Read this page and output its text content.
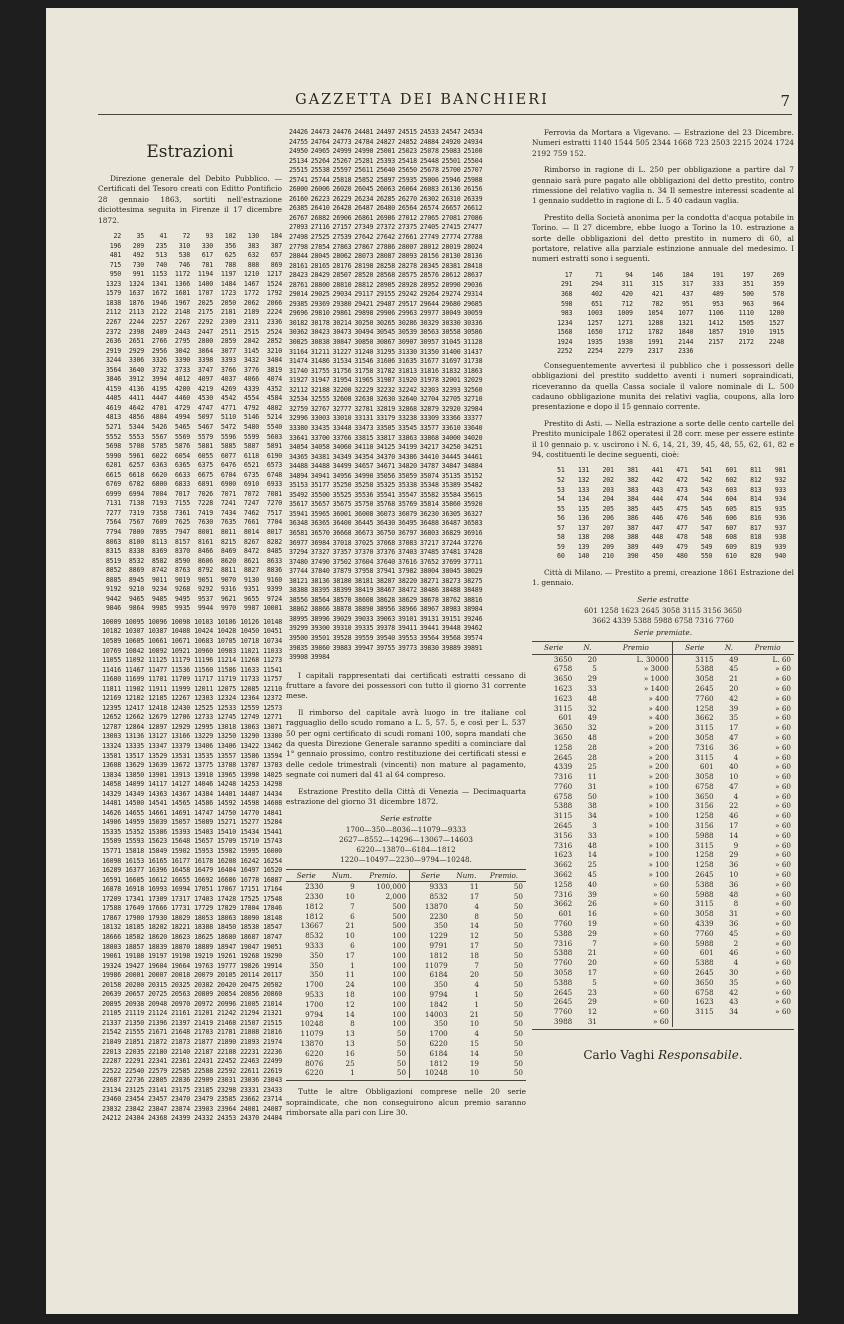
GAZZETTA DEI BANCHIERI	7
Estrazioni

Direzione generale del Debito Pubblico. — Certificati del Tesoro creati con Editto Pontificio 28 gennaio 1863, sortiti nell'estrazione diciottesima seguita in Firenze il 17 dicembre 1872.

22	35	41	72	93	102	130	184
196	209	235	310	330	356	383	387
481	492	513	538	617	625	632	657
715	730	740	746	781	788	808	869
950	991	1153	1172	1194	1197	1210	1217
1323	1324	1341	1366	1400	1484	1467	1524
1579	1637	1672	1681	1707	1723	1772	1792
1838	1876	1946	1967	2025	2050	2062	2066
2112	2113	2122	2148	2175	2181	2189	2224
2267	2244	2257	2267	2292	2309	2311	2336
2372	2398	2409	2443	2447	2511	2515	2524
2636	2651	2766	2795	2800	2859	2842	2852
2919	2929	2956	3042	3064	3077	3145	3210
3244	3306	3326	3390	3398	3393	3432	3484
3564	3640	3732	3733	3747	3766	3776	3819
3846	3912	3994	4012	4097	4037	4066	4074
4159	4136	4195	4200	4219	4269	4339	4352
4405	4411	4447	4460	4530	4542	4554	4584
4619	4642	4701	4729	4747	4771	4792	4802
4813	4856	4884	4994	5097	5110	5146	5214
5271	5344	5426	5465	5467	5472	5480	5540
5552	5553	5567	5569	5579	5596	5599	5603
5698	5708	5785	5876	5881	5885	5887	5891
5990	5961	6022	6054	6055	6077	6118	6190
6201	6257	6363	6365	6375	6476	6521	6573
6615	6618	6620	6633	6675	6704	6735	6748
6769	6782	6800	6833	6891	6900	6910	6933
6999	6994	7004	7017	7026	7071	7072	7081
7131	7138	7193	7155	7228	7241	7247	7270
7277	7319	7358	7361	7419	7434	7462	7517
7564	7567	7609	7625	7630	7635	7661	7704
7794	7800	7895	7947	8001	8011	8014	8017
8063	8100	8113	8157	8161	8215	8267	8282
8315	8338	8369	8370	8466	8469	8472	8485
8519	8532	8582	8590	8606	8620	8621	8633
8852	8869	8742	8763	8792	8811	8827	8836
8885	8945	9011	9019	9051	9070	9130	9160
9192	9210	9234	9268	9292	9316	9351	9399
9442	9465	9485	9495	9537	9621	9655	9724
9846	9864	9985	9935	9944	9970	9987 10001
10009 10095 10096 10098 10103 10106 10126 10148
10182 10307 10387 10408 10424 10428 10450 10451
10589 10605 10661 10671 10683 10705 10718 10734
10769 10842 10892 10921 10960 10983 11021 11033
11055 11092 11125 11179 11196 11214 11268 11273
11416 11467 11477 11536 11560 11586 11633 11541
11680 11699 11701 11709 11717 11719 11733 11757
11811 11902 11911 11999 12011 12075 12085 12110
12169 12182 12185 12267 12303 12324 12364 12372
12395 12417 12418 12430 12525 12533 12559 12573
12652 12662 12679 12706 12733 12745 12749 12771
12787 12864 12897 12929 12995 13018 13063 13071
13003 13136 13127 13166 13229 13250 13290 13300
13324 13335 13347 13379 13406 13406 13422 13462
13501 13517 13529 13531 13535 13557 13586 13594
13608 13629 13639 13672 13775 13788 13787 13783
13834 13850 13901 13913 13918 13965 13998 14025
14058 14099 14117 14127 14046 14248 14253 14298
14329 14349 14363 14367 14384 14401 14407 14434
14481 14500 14541 14565 14586 14592 14598 14608
14626 14655 14661 14691 14747 14750 14770 14841
14906 14959 15039 15057 15089 15271 15277 15284
15335 15352 15386 15393 15403 15410 15434 15441
15509 15593 15623 15648 15657 15709 15710 15743
15771 15818 15849 15902 15953 15982 15995 16000
16098 16153 16165 16177 16178 16208 16242 16254
16289 16377 16396 16458 16479 16484 16497 16520
16591 16605 16612 16655 16692 16686 16778 16887
16878 16918 16993 16994 17051 17067 17151 17164
17209 17341 17309 17317 17403 17428 17525 17548
17588 17649 17666 17731 17729 17829 17804 17846
17867 17900 17930 18029 18053 18063 18090 18148
18132 18185 18202 18221 18388 18450 18538 18547
18666 18582 18620 18623 18625 18680 18687 18747
18803 18857 18839 18870 18889 18947 19047 19051
19061 19188 19197 19198 19219 19261 19268 19290
19324 19427 19604 19664 19763 19777 19826 19914
19986 20001 20007 20018 20079 20105 20114 20117
20158 20200 20315 20325 20382 20420 20475 20502
20639 20657 20725 20563 20809 20854 20856 20860
20895 20938 20948 20970 20972 20996 21005 21014
21105 21119 21124 21161 21201 21242 21294 21321
21337 21350 21396 21397 21419 21468 21507 21515
21542 21555 21671 21648 21703 21781 21808 21816
21849 21851 21872 21873 21877 21890 21893 21974
22013 22035 22180 22140 22187 22188 22231 22236
22287 22291 22341 22361 22431 22452 22463 22499
22522 22540 22579 22585 22588 22592 22611 22619
22687 22736 22805 22836 22909 23031 23036 23043
23134 23125 23141 23175 23185 23298 23331 23433
23460 23454 23457 23470 23479 23585 23662 23714
23832 23842 23847 23874 23903 23964 24081 24087
24212 24304 24368 24399 24332 24353 24370 24404
24426 24473 24476 24481 24497 24515 24533 24547 24534
24755 24764 24773 24784 24827 24852 24884 24920 24934
24950 24965 24999 24990 25001 25023 25078 25083 25100
25134 25264 25267 25281 25393 25418 25448 25501 25504
25515 25538 25597 25611 25640 25650 25678 25700 25707
25741 25744 25818 25852 25897 25935 25006 25946 25988
26000 26006 26020 26045 26063 26064 26083 26136 26156
26160 26223 26229 26234 26285 26270 26302 26310 26339
26385 26410 26428 26487 26480 26564 26574 26657 26612
26767 26882 26906 26861 26986 27012 27065 27081 27086
27093 27116 27157 27349 27372 27375 27405 27415 27477
27498 27525 27539 27642 27642 27661 27749 27774 27788
27798 27854 27863 27867 27886 28007 28012 28019 28024
28044 28045 28062 28073 28087 28093 28156 28130 28136
28161 28165 28176 28198 28258 28278 28345 28381 28418
28423 28429 28507 28520 28568 28575 28576 28612 28637
28761 28800 28810 28812 28905 28928 28952 28990 29036
29014 29025 29034 29117 29155 29242 29264 29274 29314
29385 29369 29380 29421 29487 29517 29644 29680 29685
29696 29810 29861 29898 29906 29963 29977 30049 30059
30182 30178 30214 30250 30265 30286 30329 30330 30336
30362 30423 30473 30494 30545 30539 30563 30558 30586
30825 30838 30847 30850 30867 30907 30957 31045 31128
31164 31211 31227 31240 31295 31330 31350 31400 31437
31474 31486 31534 31546 31606 31635 31677 31697 31738
31740 31755 31756 31758 31782 31813 31816 31832 31863
31927 31947 31954 31965 31987 31920 31978 32001 32029
32112 32188 32200 32229 32232 32242 32303 32393 32560
32534 32555 32608 32630 32630 32640 32704 32705 32710
32759 32767 32777 32781 32819 32868 32879 32920 32984
32996 33003 33010 33131 33179 33238 33309 33366 33377
33380 33435 33448 33473 33505 33545 33577 33610 33640
33641 33700 33766 33815 33817 33863 33868 34000 34020
34054 34058 34060 34110 34125 34199 34217 34250 34251
34365 34381 34349 34354 34370 34386 34410 34445 34461
34488 34488 34499 34657 34671 34820 34787 34847 34884
34894 34941 34956 34990 35056 35059 35074 35135 35152
35153 35177 35250 35258 35325 35338 35348 35389 35482
35492 35500 35525 35536 35541 35547 35582 35584 35615
35617 35657 35675 35750 35768 35769 35814 35860 35920
35941 35965 36001 36008 36073 36079 36230 36305 36327
36348 36365 36400 36445 36430 36495 36488 36487 36583
36581 36570 36668 36673 36750 36797 36803 36829 36916
36977 36984 37018 37025 37068 37083 37217 37244 37276
37294 37327 37357 37370 37376 37403 37485 37481 37428
37480 37490 37502 37604 37640 37616 37652 37699 37711
37744 37840 37879 37958 37941 37982 38004 38045 38029
38121 38136 38180 38181 38207 38220 38271 38273 38275
38388 38395 38399 38419 38467 38472 38486 38488 38489
38556 38564 38570 38608 38628 38629 38678 38762 38816
38862 38866 38878 38890 38956 38966 38967 38983 38984
38995 38996 39029 39033 39063 39101 39131 39151 39246
39299 39300 39310 39335 39378 39411 39441 39448 39462
39500 39501 39528 39559 39540 39553 39564 39568 39574
39835 39860 39883 39947 39755 39773 39830 39889 39891
39908 39984

I capitali rappresentati dai certificati estratti cessano di fruttare a favore dei possessori con tutto il giorno 31 corrente mese.

Il rimborso del capitale avrà luogo in tre italiane col ragguaglio dello scudo romano a L. 5, 57. 5, e così per L. 537 50 per ogni certificato di scudi romani 100, sopra mandati che da questa Direzione Generale saranno spediti a cominciare dal 1° gennaio prossimo, contro restituzione dei certificati stessi e delle cedole trimestrali (vincenti) non mature al pagamento, segnate coi numeri dal 41 al 64 compreso.

Estrazione Prestito della Città di Venezia — Decimaquarta estrazione del giorno 31 dicembre 1872.

Serie estratte
1700—350—8036—11079—9333
2627—8552—14296—13067—14603
6220—13870—6184—1812
1220—10497—2230—9794—10248.
Serie	Num.	Premio.	Serie	Num.	Premio.
2330	9	100,000	9333	11	50
2330	10	2,000	8532	17	50
1812	7	500	13870	4	50
1812	6	500	2230	8	50
13667	21	500	350	14	50
8532	10	100	1229	12	50
9333	6	100	9791	17	50
350	17	100	1812	18	50
350	1	100	11079	7	50
350	11	100	6184	20	50
1700	24	100	350	4	50
9533	18	100	9794	1	50
1700	12	100	1842	1	50
9794	14	100	14003	21	50
10248	8	100	350	10	50
11079	13	50	1700	4	50
13870	13	50	6220	15	50
6220	16	50	6184	14	50
8076	25	50	1812	19	50
6220	1	50	10248	10	50

Tutte le altre Obbligazioni comprese nelle 20 serie sopraindicate, che non conseguirono alcun premio saranno rimborsate alla pari con Lire 30.

Ferrovia da Mortara a Vigevano. — Estrazione del 23 Dicembre. Numeri estratti 1140 1544 505 2344 1668 723 2503 2215 2024 1724 2192 759 152.

Rimborso in ragione di L. 250 per obbligazione a partire dal 7 gennaio sarà pure pagato alle obbligazioni del detto prestito, contro rimessione del relativo vaglia n. 34 Il semestre interessi scadente al 1 gennaio suddetto in ragione di L. 5 40 cadaun vaglia.

Prestito della Società anonima per la condotta d'acqua potabile in Torino. — Il 27 dicembre, ebbe luogo a Torino la 10. estrazione a sorte delle obbligazioni del detto prestito in numero di 60, al portatore, relative alla parziale estinzione annuale del medesimo. I numeri estratti sono i seguenti.

17	71	94	146	184	191	197	269
291	294	311	315	317	333	351	359
368	402	420	421	437	489	500	578
598	651	712	782	951	953	963	964
983	1003	1009	1054	1077	1106	1110	1200
1234	1257	1271	1288	1321	1412	1505	1527
1568	1650	1712	1782	1840	1857	1910	1915
1924	1935	1938	1991	2144	2157	2172	2248
2252	2254	2279	2317	2336

Conseguentemente avvertesi il pubblico che i possessori delle obbligazioni del prestito suddetto aventi i numeri sopraindicati, riceveranno da quella Cassa sociale il valore nominale di L. 500 cadauno obbligazione munita dei relativi vaglia, coupons, alla loro presentazione e dopo il 15 gennaio corrente.

Prestito di Asti. — Nella estrazione a sorte delle cento cartelle del Prestito municipale 1862 operatesi il 28 corr. mese per essere estinte il 10 gennaio p. v. uscirono i N. 6, 14, 21, 39, 45, 48, 55, 62, 61, 82 e 94, costituenti le decine seguenti, cioè:

51	131	201	381	441	471	541	601	811	981
52	132	202	382	442	472	542	602	812	932
53	133	203	383	443	473	543	603	813	933
54	134	204	384	444	474	544	604	814	934
55	135	205	385	445	475	545	605	815	935
56	136	206	386	446	476	546	606	816	936
57	137	207	387	447	477	547	607	817	937
58	138	208	388	448	478	548	608	818	938
59	139	209	389	449	479	549	609	819	939
60	140	210	390	450	480	550	610	820	940

Città di Milano. — Prestito a premi, creazione 1861 Estrazione del 1. gennaio.

Serie estratte
601 1258 1623 2645 3058 3115 3156 3650
3662 4339 5388 5988 6758 7316 7760
Serie premiate.
Serie	N.	Premio	Serie	N.	Premio
3650	20	L. 30000	3115	49	L. 60
6758	5	» 3000	5388	45	» 60
3650	29	» 1000	3058	21	» 60
1623	33	» 1400	2645	20	» 60
1623	48	» 400	7760	42	» 60
3115	32	» 400	1258	39	» 60
601	49	» 400	3662	35	» 60
3650	32	» 200	3115	17	» 60
3650	48	» 200	3058	47	» 60
1258	28	» 200	7316	36	» 60
2645	28	» 200	3115	4	» 60
4339	25	» 200	601	40	» 60
7316	11	» 200	3058	10	» 60
7760	31	» 100	6758	47	» 60
6758	50	» 100	3650	4	» 60
5388	38	» 100	3156	22	» 60
3115	34	» 100	1258	46	» 60
2645	3	» 100	3156	17	» 60
3156	33	» 100	5988	14	» 60
7316	48	» 100	3115	9	» 60
1623	14	» 100	1258	29	» 60
3662	25	» 100	1258	36	» 60
3662	45	» 100	2645	10	» 60
1258	40	» 60	5388	36	» 60
7316	39	» 60	5988	48	» 60
3662	26	» 60	3115	8	» 60
601	16	» 60	3058	31	» 60
7760	19	» 60	4339	36	» 60
5388	29	» 60	7760	45	» 60
7316	7	» 60	5988	2	» 60
5388	21	» 60	601	46	» 60
7760	20	» 60	5388	4	» 60
3058	17	» 60	2645	30	» 60
5388	5	» 60	3650	35	» 60
2645	23	» 60	6758	42	» 60
2645	29	» 60	1623	43	» 60
7760	12	» 60	3115	34	» 60
3988	31	» 60			

Carlo Vaghi Responsabile.
